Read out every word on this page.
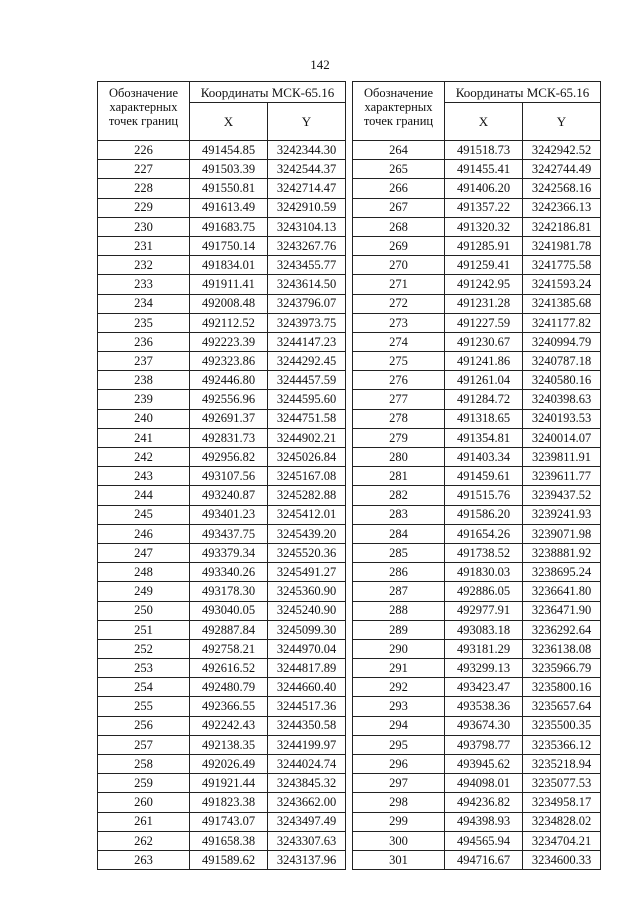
142
Обозначение характерных точек границ	Координаты МСК-65.16	
	X	Y
226	491454.85	3242344.30
227	491503.39	3242544.37
228	491550.81	3242714.47
229	491613.49	3242910.59
230	491683.75	3243104.13
231	491750.14	3243267.76
232	491834.01	3243455.77
233	491911.41	3243614.50
234	492008.48	3243796.07
235	492112.52	3243973.75
236	492223.39	3244147.23
237	492323.86	3244292.45
238	492446.80	3244457.59
239	492556.96	3244595.60
240	492691.37	3244751.58
241	492831.73	3244902.21
242	492956.82	3245026.84
243	493107.56	3245167.08
244	493240.87	3245282.88
245	493401.23	3245412.01
246	493437.75	3245439.20
247	493379.34	3245520.36
248	493340.26	3245491.27
249	493178.30	3245360.90
250	493040.05	3245240.90
251	492887.84	3245099.30
252	492758.21	3244970.04
253	492616.52	3244817.89
254	492480.79	3244660.40
255	492366.55	3244517.36
256	492242.43	3244350.58
257	492138.35	3244199.97
258	492026.49	3244024.74
259	491921.44	3243845.32
260	491823.38	3243662.00
261	491743.07	3243497.49
262	491658.38	3243307.63
263	491589.62	3243137.96
Обозначение характерных точек границ	Координаты МСК-65.16	
	X	Y
264	491518.73	3242942.52
265	491455.41	3242744.49
266	491406.20	3242568.16
267	491357.22	3242366.13
268	491320.32	3242186.81
269	491285.91	3241981.78
270	491259.41	3241775.58
271	491242.95	3241593.24
272	491231.28	3241385.68
273	491227.59	3241177.82
274	491230.67	3240994.79
275	491241.86	3240787.18
276	491261.04	3240580.16
277	491284.72	3240398.63
278	491318.65	3240193.53
279	491354.81	3240014.07
280	491403.34	3239811.91
281	491459.61	3239611.77
282	491515.76	3239437.52
283	491586.20	3239241.93
284	491654.26	3239071.98
285	491738.52	3238881.92
286	491830.03	3238695.24
287	492886.05	3236641.80
288	492977.91	3236471.90
289	493083.18	3236292.64
290	493181.29	3236138.08
291	493299.13	3235966.79
292	493423.47	3235800.16
293	493538.36	3235657.64
294	493674.30	3235500.35
295	493798.77	3235366.12
296	493945.62	3235218.94
297	494098.01	3235077.53
298	494236.82	3234958.17
299	494398.93	3234828.02
300	494565.94	3234704.21
301	494716.67	3234600.33
